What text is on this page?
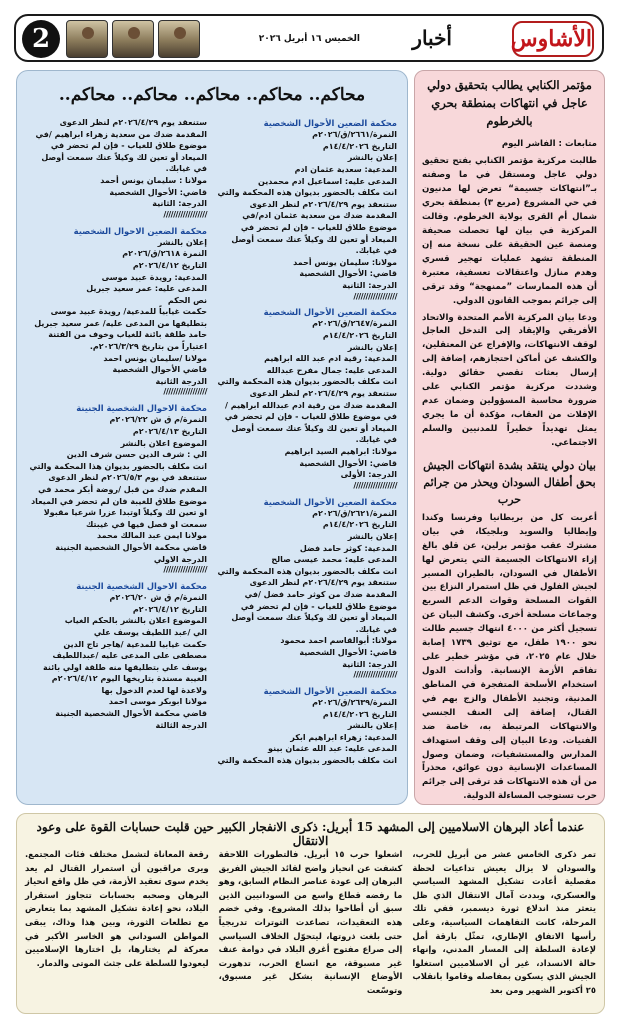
الأشاوس
أخبار
الخميس ١٦ أبريل ٢٠٢٦
2
مؤتمر الكنابي يطالب بتحقيق دولي عاجل في انتهاكات بمنطقة بحري بالخرطوم

متابعات : الفاشر اليوم

طالبت مركزية مؤتمر الكنابي بفتح تحقيق دولي عاجل ومستقل في ما وصفته بـ”انتهاكات جسيمة“ تعرض لها مدنيون في حي المشروع (مربع ٣) بمنطقة بحري شمال أم القرى بولاية الخرطوم. وقالت المركزية في بيان لها تحصلت صحيفة ومنصة عين الحقيقة على نسخة منه إن المنطقة تشهد عمليات تهجير قسري وهدم منازل واعتقالات تعسفية، معتبرة أن هذه الممارسات ”ممنهجة“ وقد ترقى إلى جرائم بموجب القانون الدولي.

ودعا بيان المركزية الأمم المتحدة والاتحاد الأفريقي والإيقاد إلى التدخل العاجل لوقف الانتهاكات، والإفراج عن المعتقلين، والكشف عن أماكن احتجازهم، إضافة إلى إرسال بعثات تقصي حقائق دولية. وشددت مركزية مؤتمر الكنابي على ضرورة محاسبة المسؤولين وضمان عدم الإفلات من العقاب، مؤكدة أن ما يجري يمثل تهديداً خطيراً للمدنيين والسلم الاجتماعي.

بيان دولي ينتقد بشدة انتهاكات الجيش بحق أطفال السودان ويحذر من جرائم حرب

أعربت كل من بريطانيا وفرنسا وكندا وإيطاليا والسويد وبلجيكا، في بيان مشترك عقب مؤتمر برلين، عن قلق بالغ إزاء الانتهاكات الجسيمة التي يتعرض لها الأطفال في السودان، بالطيران المسير لجيش الفلول في ظل استمرار النزاع بين القوات المسلحة وقوات الدعم السريع وجماعات مسلحة أخرى. وكشف البيان عن تسجيل أكثر من ٤٠٠٠ انتهاك جسيم طالت نحو ١٩٠٠ طفل، مع توثيق ١٧٣٩ إصابة خلال عام ٢٠٢٥، في مؤشر خطير على تفاقم الأزمة الإنسانية. وأدانت الدول استخدام الأسلحة المتفجرة في المناطق المدنية، وتجنيد الأطفال والزج بهم في القتال، إضافة إلى العنف الجنسي والانتهاكات المرتبطة به، خاصة ضد الفتيات. ودعا البيان إلى وقف استهداف المدارس والمستشفيات، وضمان وصول المساعدات الإنسانية دون عوائق، محذراً من أن هذه الانتهاكات قد ترقى إلى جرائم حرب تستوجب المساءلة الدولية.

محاكم.. محاكم.. محاكم.. محاكم.. محاكم..
محكمة الضعين الأحوال الشخصية
النمرة/٢٦٦١/ق/٢٠٢٦م
التاريخ ١٤/٤/٢٠٢٦م
إعلان بالنشر
المدعية: سعدية عثمان ادم
المدعى عليه: اسماعيل ادم محمدين
انت مكلف بالحضور بديوان هذه المحكمة والتي ستنعقد يوم ٢٠٢٦/٤/٢٩م لنظر الدعوى المقدمة ضدك من سعدية عثمان ادم/في موضوع طلاق للغياب - فإن لم تحضر في الميعاد أو تعين لك وكيلاً عنك سمعت أوصل في غيابك.
مولانا: سليمان يونس أحمد
قاضي: الأحوال الشخصية
الدرجة: الثانية
//////////////////
محكمة الضعين الأحوال الشخصية
النمرة/٢٦٤٧/ق/٢٠٢٦م
التاريخ ١٤/٤/٢٠٢٦م
إعلان بالنشر
المدعية: رقية ادم عبد الله ابراهيم
المدعى عليه: جمال مفرح عبدالله
انت مكلف بالحضور بديوان هذه المحكمة والتي ستنعقد يوم ٢٠٢٦/٤/٢٩م لنظر الدعوى المقدمة ضدك من رقية ادم عبدالله ابراهيم /في موضوع طلاق للغياب - فإن لم تحضر في الميعاد أو تعين لك وكيلاً عنك سمعت أوصل في غيابك.
مولانا: ابراهيم السيد ابراهيم
قاضي: الأحوال الشخصية
الدرجة: الأولى
//////////////////
محكمة الضعين الأحوال الشخصية
النمرة/٢٦٢١/ق/٢٠٢٦م
التاريخ ١٤/٤/٢٠٢٦م
إعلان بالنشر
المدعية: كوثر حامد فضل
المدعى عليه: محمد عيسى صالح
انت مكلف بالحضور بديوان هذه المحكمة والتي ستنعقد يوم ٢٠٢٦/٤/٢٩م لنظر الدعوى المقدمة ضدك من كوثر حامد فضل /في موضوع طلاق للغياب - فإن لم تحضر في الميعاد أو تعين لك وكيلاً عنك سمعت أوصل في غيابك.
مولانا: أبوالقاسم احمد محمود
قاضي: الأحوال الشخصية
الدرجة: الثانية
//////////////////
محكمة الضعين الأحوال الشخصية
النمرة/٢٦٣٩/ق/٢٠٢٦م
التاريخ ١٤/٤/٢٠٢٦م
إعلان بالنشر
المدعية: زهراء ابراهيم ابكر
المدعى عليه: عبد الله عثمان بينو
انت مكلف بالحضور بديوان هذه المحكمة والتي
ستنعقد يوم ٢٠٢٦/٤/٢٩م لنظر الدعوى المقدمة ضدك من سعدية زهراء ابراهيم /في موضوع طلاق للغياب - فإن لم تحضر في الميعاد أو تعين لك وكيلاً عنك سمعت أوصل في غيابك.
مولانا : سليمان يونس أحمد
قاضي: الأحوال الشخصية
الدرجة: الثانية
//////////////////
محكمة الضعين الاحوال الشخصية
إعلان بالنشر
النمرة ٢٦١٨/ق/٢٠٢٦م
التاريخ ٢٠٢٦/٤/١٢م
المدعية: رويدة عبيد موسى
المدعى عليه: عمر سعيد جبريل
نص الحكم
حكمت غيابياً للمدعية/ رويدة عبيد موسى بتطليقها من المدعى عليه/ عمر سعيد جبريل حامد طلقة بائنة للغياب وخوف من الفتنة اعتباراً من بتاريخ ٢٠٢٦/٣/٢٩م.
مولانا /سليمان يونس احمد
قاضي الأحوال الشخصية
الدرجة الثانية
//////////////////
محكمة الاحوال الشخصية الجنينة
النمرة/م ق ش ٢٠٢٦/٢٢م
التاريخ ٢٠٢٦/٤/١٣م
الموضوع اعلان بالنشر
الي : شرف الدين حسن شرف الدين
انت مكلف بالحضور بديوان هذا المحكمة والتي ستنعقد في يوم ٢٠٢٦/٥/٣م لنظر الدعوى المقدم ضدك من قبل /روضة أبكر محمد في موضوع طلاق للغيبة فان لم تحضر في الميعاد او تعين لك وكيلاً اوتبدا عزرا شرعيا مقبولا سمعت او فصل فيها في غيبتك
مولانا ايمن عبد المالك محمد
قاضي محكمة الأحوال الشخصية الجنينة
الدرجة الاولي
//////////////////
محكمة الاحوال الشخصية الجنينة
النمرة/م ق ش ٢٠٢٦/٢٠م
التاريخ ٢٠٢٦/٤/١٢م
الموضوع اعلان بالنشر بالحكم الغياب
الي /عبد اللطيف يوسف علي
حكمت غيابيا للمدعية /هاجر تاج الدين مصطفى على المدعى عليه /عبداللطيف يوسف علي بتطليقها منه طلقة اولي بائنة الغيبة مسندة بتاريخها اليوم ٢٠٢٦/٤/١٢م ولاعدة لها لعدم الدخول بها
مولانا ابوبكر موسى احمد
قاضي محكمة الأحوال الشخصية الجنينة
الدرجة الثالثة
عندما أعاد البرهان الاسلاميين إلى المشهد 15 أبريل: ذكرى الانفجار الكبير حين قلبت حسابات القوة على وعود الانتقال

تمر ذكرى الخامس عشر من أبريل للحرب، والسودان لا يزال يعيش تداعيات لحظة مفصلية أعادت تشكيل المشهد السياسي والعسكري، وبددت آمال الانتقال الذي ظل يتعثر منذ اندلاع ثورة ديسمبر، ففي تلك المرحلة، كانت التفاهمات السياسية، وعلى رأسها الاتفاق الإطاري، تمثّل بارقة أمل لإعادة السلطة إلى المسار المدني، وإنهاء حالة الانسداد، غير أن الاسلاميين استغلوا الجيش الذي يسكون بمفاصله وقاموا بانقلاب ٢٥ أكتوبر الشهير ومن بعد

اشعلوا حرب ١٥ أبريل. فالتطورات اللاحقة كشفت عن انحياز واضح لقائد الجيش الفريق البرهان إلى عودة عناصر النظام السابق، وهو ما رفضه قطاع واسع من السودانيين الذين سبق أن أطاحوا بذلك المشروع. وفي خضم هذه التعقيدات، تصاعدت التوترات تدريجياً حتى بلغت ذروتها، ليتحوّل الخلاف السياسي إلى صراع مفتوح أغرق البلاد في دوامة عنف غير مسبوقة، مع اتساع الحرب، تدهورت الأوضاع الإنسانية بشكل غير مسبوق، وتوسّعت

رقعة المعاناة لتشمل مختلف فئات المجتمع. ويرى مراقبون أن استمرار القتال لم يعد يخدم سوى تعقيد الأزمة، في ظل واقع انحياز البرهان وصحبه بحسابات تتجاوز استقرار البلاد، نحو إعادة تشكيل المشهد بما يتعارض مع تطلعات الثورة، وبين هذا وذاك، يبقى المواطن السوداني هو الخاسر الأكبر في معركة لم يختارها، بل اختارها الإسلاميين ليعودوا للسلطة على جثث الموتى والدمار.
